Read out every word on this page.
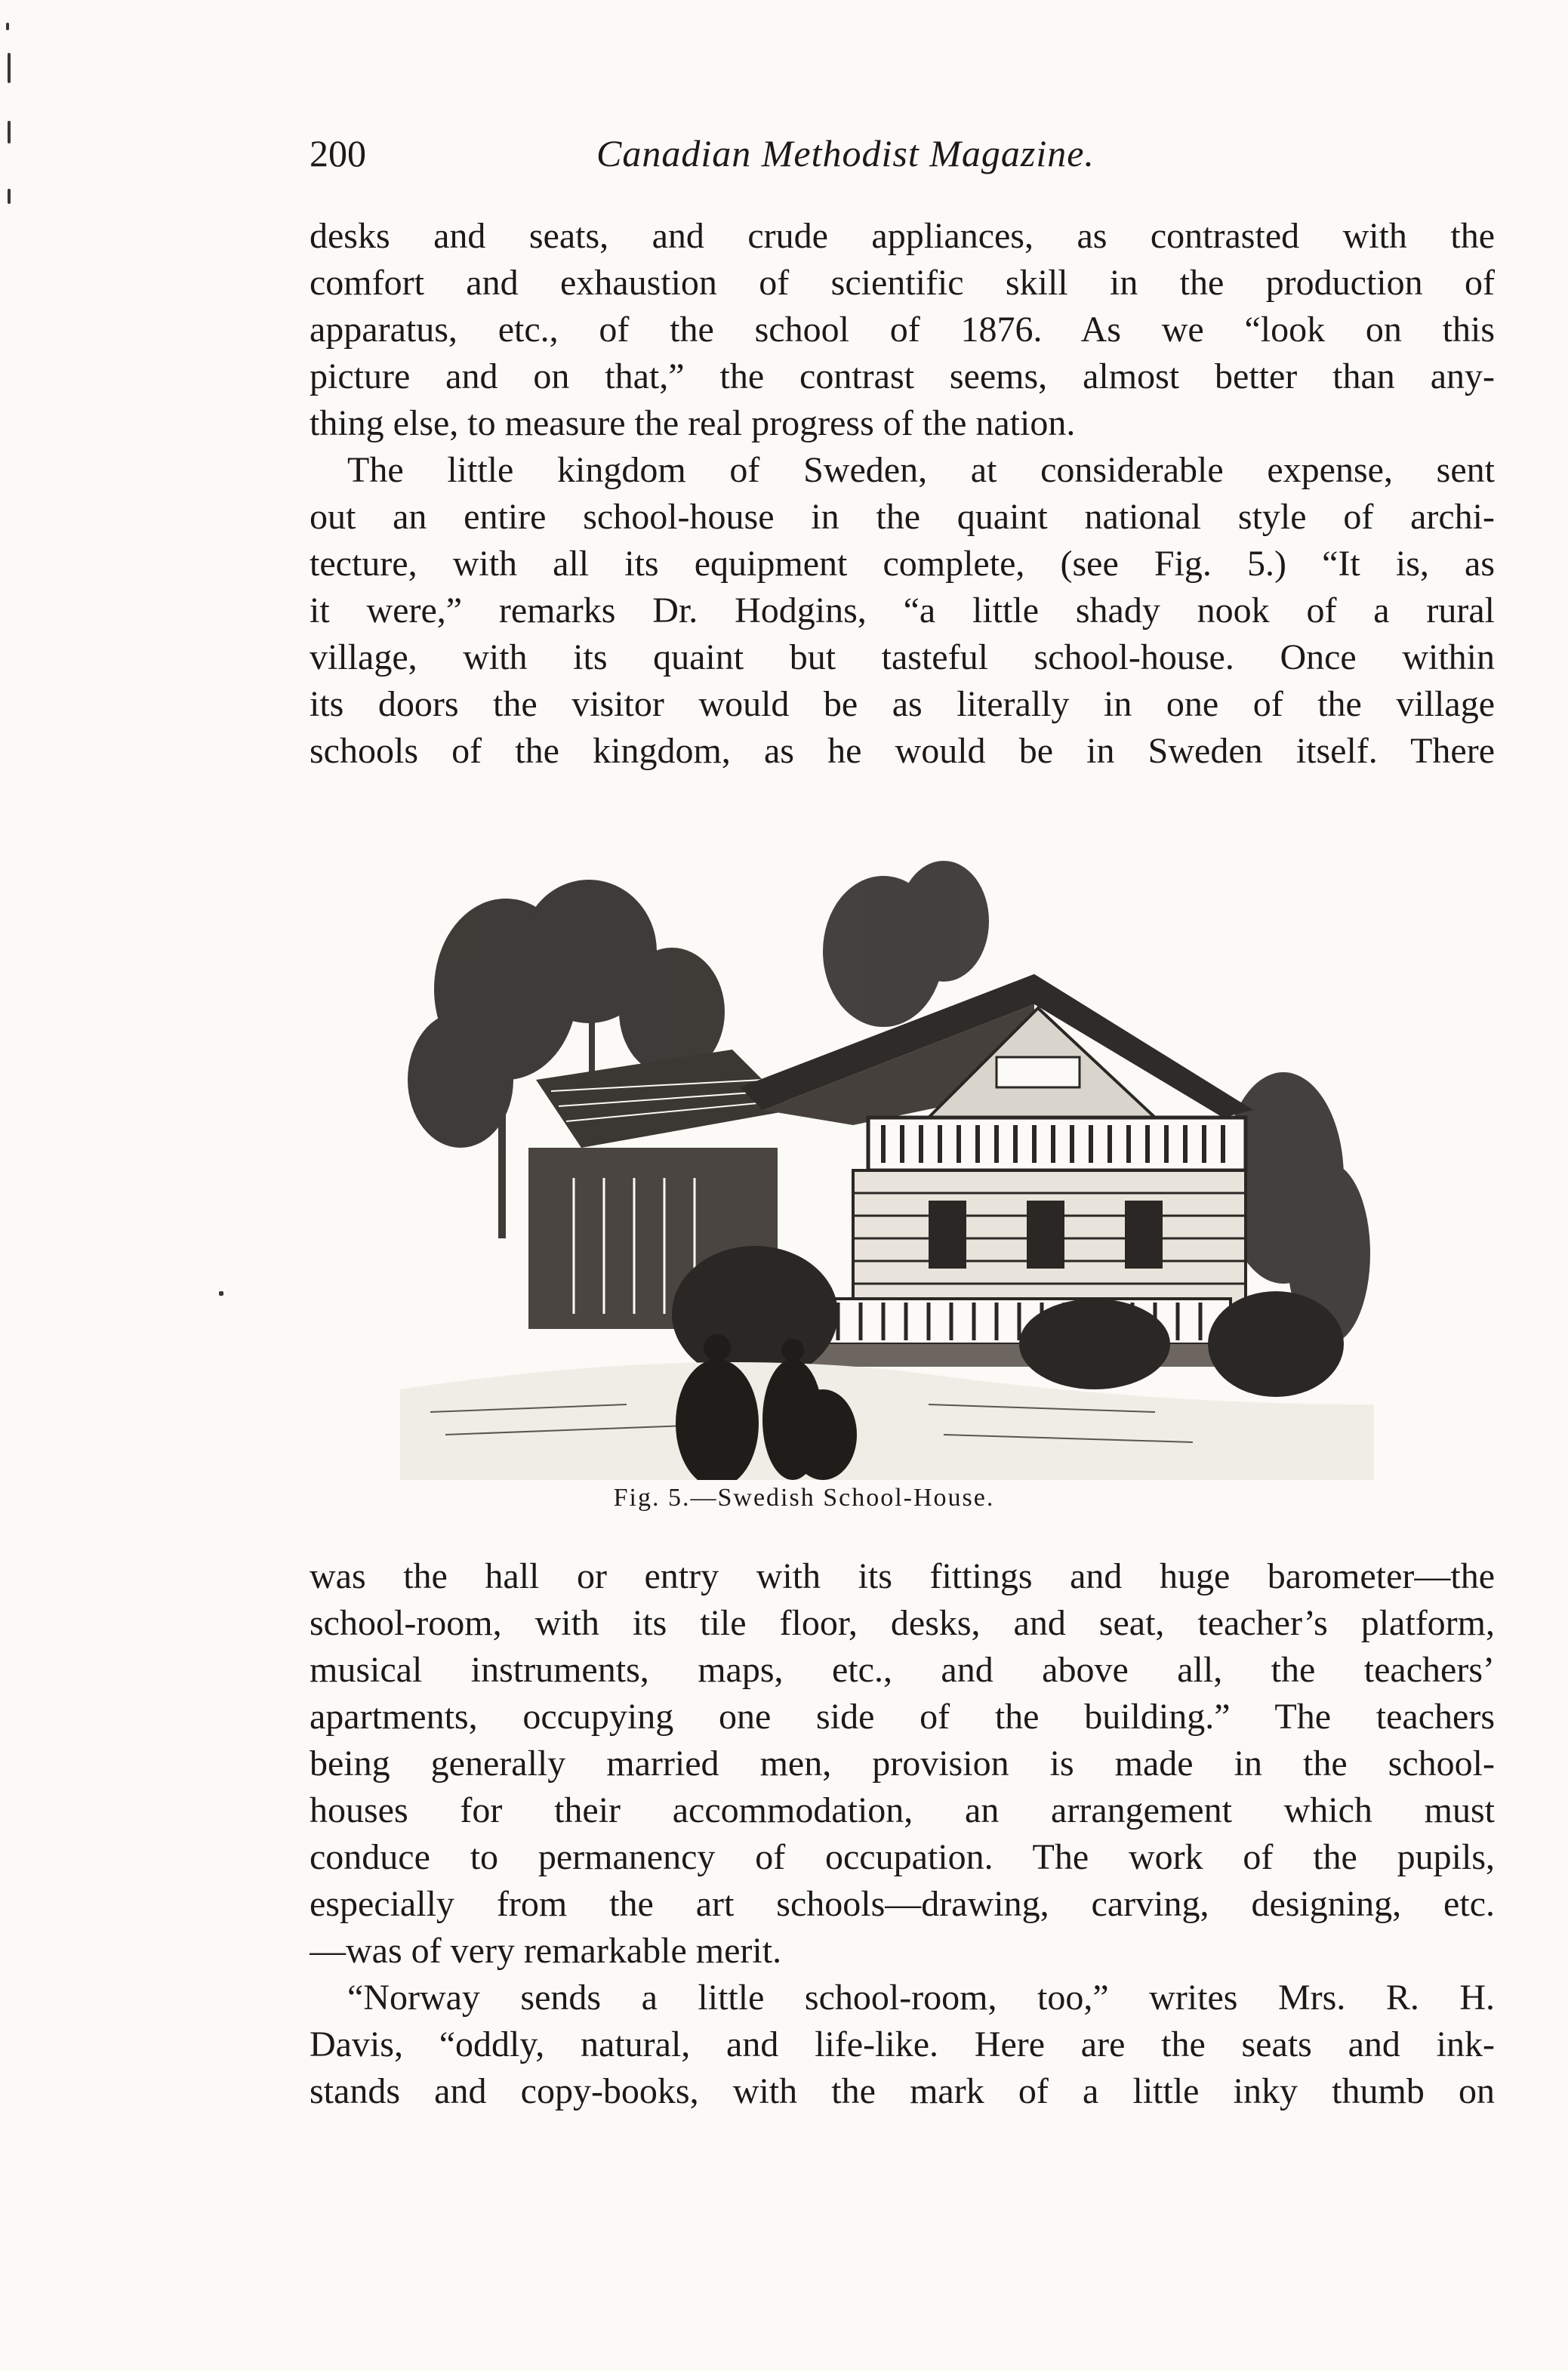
200	Canadian Methodist Magazine.
desks and seats, and crude appliances, as contrasted with the
comfort and exhaustion of scientific skill in the production of
apparatus, etc., of the school of 1876. As we “look on this
picture and on that,” the contrast seems, almost better than any-
thing else, to measure the real progress of the nation.
The little kingdom of Sweden, at considerable expense, sent
out an entire school-house in the quaint national style of archi-
tecture, with all its equipment complete, (see Fig. 5.) “It is, as
it were,” remarks Dr. Hodgins, “a little shady nook of a rural
village, with its quaint but tasteful school-house. Once within
its doors the visitor would be as literally in one of the village
schools of the kingdom, as he would be in Sweden itself. There
Fig. 5.—Swedish School-House.
was the hall or entry with its fittings and huge barometer—the
school-room, with its tile floor, desks, and seat, teacher’s platform,
musical instruments, maps, etc., and above all, the teachers’
apartments, occupying one side of the building.” The teachers
being generally married men, provision is made in the school-
houses for their accommodation, an arrangement which must
conduce to permanency of occupation. The work of the pupils,
especially from the art schools—drawing, carving, designing, etc.
—was of very remarkable merit.
“Norway sends a little school-room, too,” writes Mrs. R. H.
Davis, “oddly, natural, and life-like. Here are the seats and ink-
stands and copy-books, with the mark of a little inky thumb on
